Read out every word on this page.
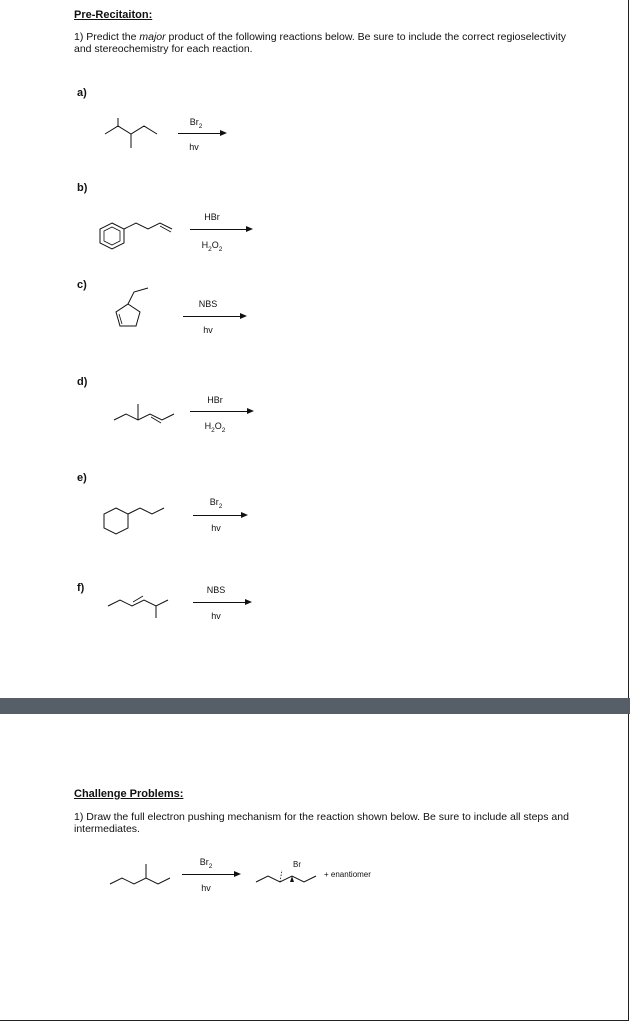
Pre-Recitaiton:
1) Predict the major product of the following reactions below. Be sure to include the correct regioselectivity and stereochemistry for each reaction.
a)
$Br_2$
hv
b)
HBr
$H_2O_2$
c)
NBS
hv
d)
HBr
$H_2O_2$
e)
$Br_2$
hv
f)	NBS
hv
Challenge Problems:
1) Draw the full electron pushing mechanism for the reaction shown below. Be sure to include all steps and intermediates.
$Br_2$
hv
Br
+ enantiomer
